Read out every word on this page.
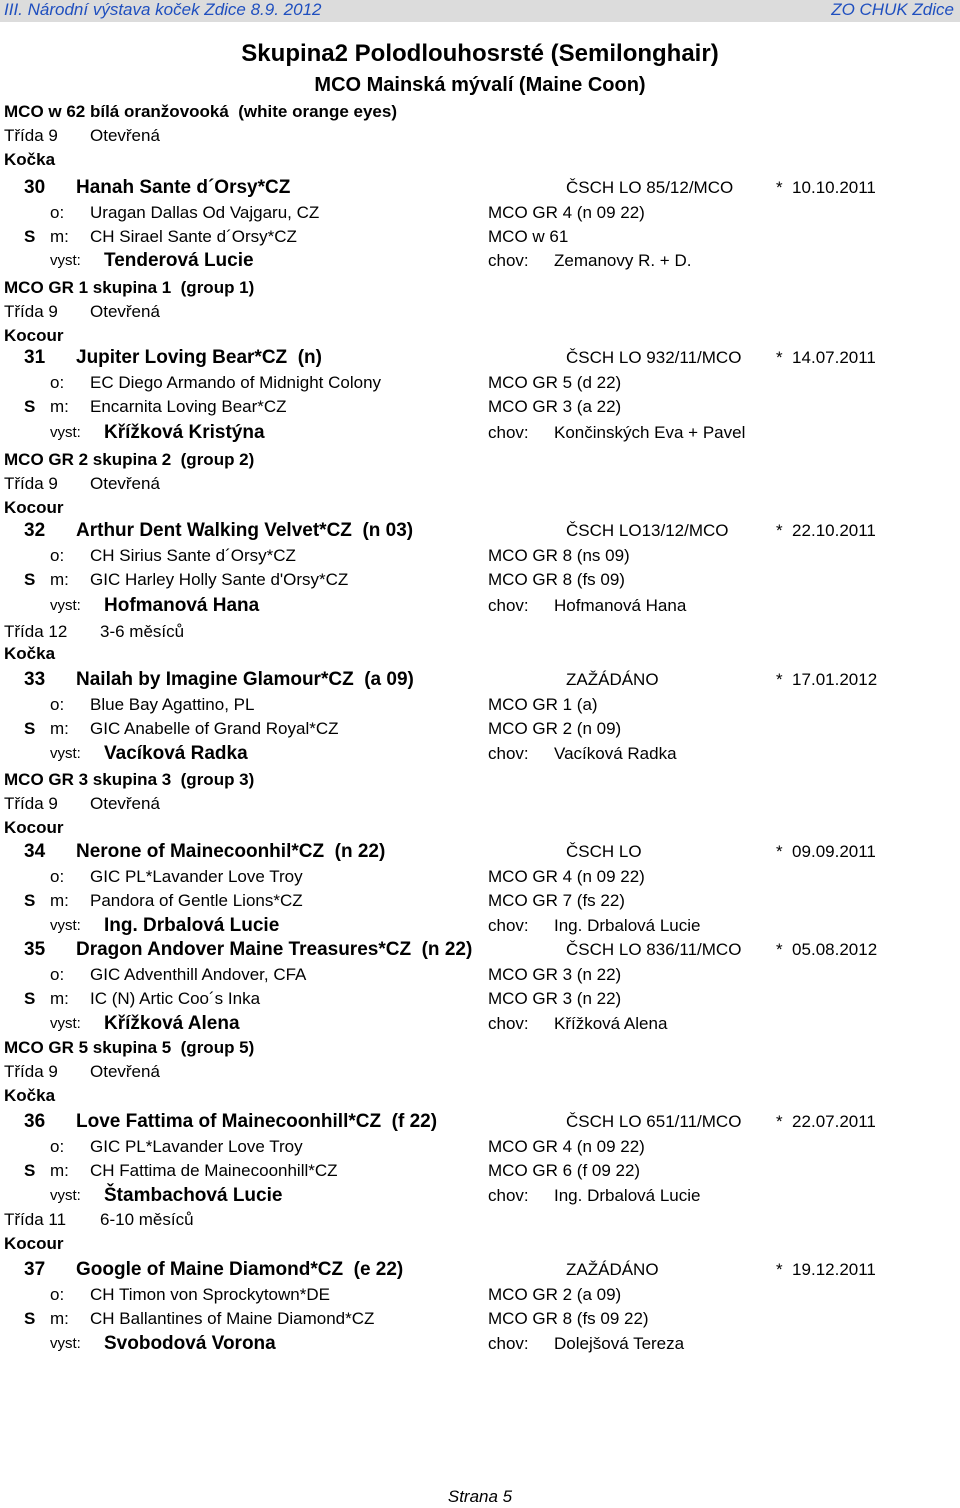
III. Národní výstava koček Zdice 8.9. 2012	ZO CHUK Zdice
Skupina2 Polodlouhosrsté (Semilonghair)
MCO Mainská mývalí (Maine Coon)
MCO w 62 bílá oranžovooká  (white orange eyes)
Třída 9 Otevřená
Kočka
30 Hanah Sante d´Orsy*CZ	ČSCH LO 85/12/MCO	*  10.10.2011
o: Uragan Dallas Od Vajgaru, CZ	MCO GR 4 (n 09 22)
S m: CH Sirael Sante d´Orsy*CZ	MCO w 61
vyst: Tenderová Lucie	chov: Zemanovy R. + D.
MCO GR 1 skupina 1  (group 1)
Třída 9 Otevřená
Kocour
31 Jupiter Loving Bear*CZ  (n)	ČSCH LO 932/11/MCO *  14.07.2011
o: EC Diego Armando of Midnight Colony	MCO GR 5 (d 22)
S m: Encarnita Loving Bear*CZ	MCO GR 3 (a 22)
vyst: Křížková Kristýna	chov: Končinských Eva + Pavel
MCO GR 2 skupina 2  (group 2)
Třída 9 Otevřená
Kocour
32 Arthur Dent Walking Velvet*CZ  (n 03)	ČSCH LO13/12/MCO	*  22.10.2011
o: CH Sirius Sante d´Orsy*CZ	MCO GR 8 (ns 09)
S m: GIC Harley Holly Sante d'Orsy*CZ	MCO GR 8 (fs 09)
vyst: Hofmanová Hana	chov: Hofmanová Hana
Třída 12 3-6 měsíců
Kočka
33 Nailah by Imagine Glamour*CZ  (a 09)	ZAŽÁDÁNO	*  17.01.2012
o: Blue Bay Agattino, PL	MCO GR 1 (a)
S m: GIC Anabelle of Grand Royal*CZ	MCO GR 2 (n 09)
vyst: Vacíková Radka	chov: Vacíková Radka
MCO GR 3 skupina 3  (group 3)
Třída 9 Otevřená
Kocour
34 Nerone of Mainecoonhil*CZ  (n 22)	ČSCH LO	*  09.09.2011
o: GIC PL*Lavander Love Troy	MCO GR 4 (n 09 22)
S m: Pandora of Gentle Lions*CZ	MCO GR 7 (fs 22)
vyst: Ing. Drbalová Lucie	chov: Ing. Drbalová Lucie
35 Dragon Andover Maine Treasures*CZ  (n 22)	ČSCH LO 836/11/MCO *  05.08.2012
o: GIC Adventhill Andover, CFA	MCO GR 3 (n 22)
S m: IC (N) Artic Coo´s Inka	MCO GR 3 (n 22)
vyst: Křížková Alena	chov: Křížková Alena
MCO GR 5 skupina 5  (group 5)
Třída 9 Otevřená
Kočka
36 Love Fattima of Mainecoonhill*CZ  (f 22)	ČSCH LO 651/11/MCO *  22.07.2011
o: GIC PL*Lavander Love Troy	MCO GR 4 (n 09 22)
S m: CH Fattima de Mainecoonhill*CZ	MCO GR 6 (f 09 22)
vyst: Štambachová Lucie	chov: Ing. Drbalová Lucie
Třída 11 6-10 měsíců
Kocour
37 Google of Maine Diamond*CZ  (e 22)	ZAŽÁDÁNO	*  19.12.2011
o: CH Timon von Sprockytown*DE	MCO GR 2 (a 09)
S m: CH Ballantines of Maine Diamond*CZ	MCO GR 8 (fs 09 22)
vyst: Svobodová Vorona	chov: Dolejšová Tereza
Strana 5
